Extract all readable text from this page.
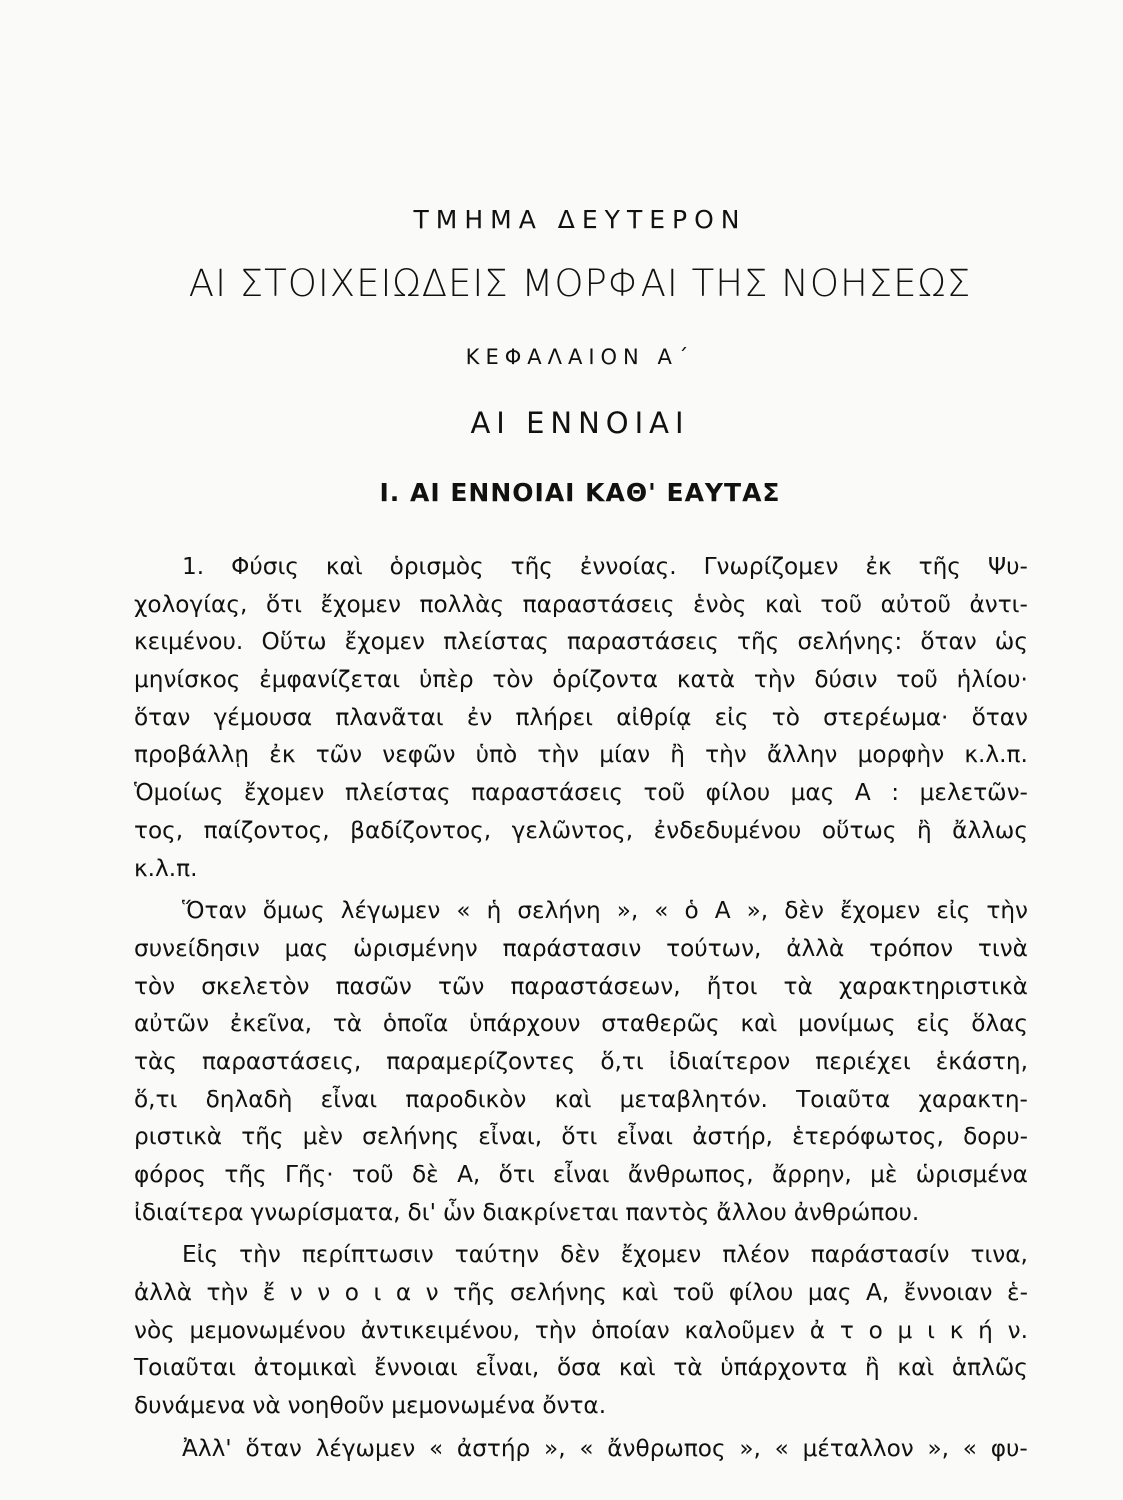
ΤΜΗΜΑ ΔΕΥΤΕΡΟΝ
ΑΙ ΣΤΟΙΧΕΙΩΔΕΙΣ ΜΟΡΦΑΙ ΤΗΣ ΝΟΗΣΕΩΣ
ΚΕΦΑΛΑΙΟΝ Α΄
ΑΙ ΕΝΝΟΙΑΙ
Ι. ΑΙ ΕΝΝΟΙΑΙ ΚΑΘ' ΕΑΥΤΑΣ
1. Φύσις καὶ ὁρισμὸς τῆς ἐννοίας. Γνωρίζομεν ἐκ τῆς Ψυ-
χολογίας, ὅτι ἔχομεν πολλὰς παραστάσεις ἑνὸς καὶ τοῦ αὐτοῦ ἀντι-
κειμένου. Οὕτω ἔχομεν πλείστας παραστάσεις τῆς σελήνης: ὅταν ὡς
μηνίσκος ἐμφανίζεται ὑπὲρ τὸν ὁρίζοντα κατὰ τὴν δύσιν τοῦ ἡλίου·
ὅταν γέμουσα πλανᾶται ἐν πλήρει αἰθρίᾳ εἰς τὸ στερέωμα· ὅταν
προβάλλῃ ἐκ τῶν νεφῶν ὑπὸ τὴν μίαν ἢ τὴν ἄλλην μορφὴν κ.λ.π.
Ὁμοίως ἔχομεν πλείστας παραστάσεις τοῦ φίλου μας Α : μελετῶν-
τος, παίζοντος, βαδίζοντος, γελῶντος, ἐνδεδυμένου οὕτως ἢ ἄλλως
κ.λ.π.
Ὅταν ὅμως λέγωμεν « ἡ σελήνη », « ὁ Α », δὲν ἔχομεν εἰς τὴν
συνείδησιν μας ὡρισμένην παράστασιν τούτων, ἀλλὰ τρόπον τινὰ
τὸν σκελετὸν πασῶν τῶν παραστάσεων, ἤτοι τὰ χαρακτηριστικὰ
αὐτῶν ἐκεῖνα, τὰ ὁποῖα ὑπάρχουν σταθερῶς καὶ μονίμως εἰς ὅλας
τὰς παραστάσεις, παραμερίζοντες ὅ,τι ἰδιαίτερον περιέχει ἑκάστη,
ὅ,τι δηλαδὴ εἶναι παροδικὸν καὶ μεταβλητόν. Τοιαῦτα χαρακτη-
ριστικὰ τῆς μὲν σελήνης εἶναι, ὅτι εἶναι ἀστήρ, ἑτερόφωτος, δορυ-
φόρος τῆς Γῆς· τοῦ δὲ Α, ὅτι εἶναι ἄνθρωπος, ἄρρην, μὲ ὡρισμένα
ἰδιαίτερα γνωρίσματα, δι' ὧν διακρίνεται παντὸς ἄλλου ἀνθρώπου.
Εἰς τὴν περίπτωσιν ταύτην δὲν ἔχομεν πλέον παράστασίν τινα,
ἀλλὰ τὴν ἔ ν ν ο ι α ν τῆς σελήνης καὶ τοῦ φίλου μας Α, ἔννοιαν ἑ-
νὸς μεμονωμένου ἀντικειμένου, τὴν ὁποίαν καλοῦμεν ἀ τ ο μ ι κ ή ν.
Τοιαῦται ἀτομικαὶ ἔννοιαι εἶναι, ὅσα καὶ τὰ ὑπάρχοντα ἢ καὶ ἁπλῶς
δυνάμενα νὰ νοηθοῦν μεμονωμένα ὄντα.
Ἀλλ' ὅταν λέγωμεν « ἀστήρ », « ἄνθρωπος », « μέταλλον », « φυ-
